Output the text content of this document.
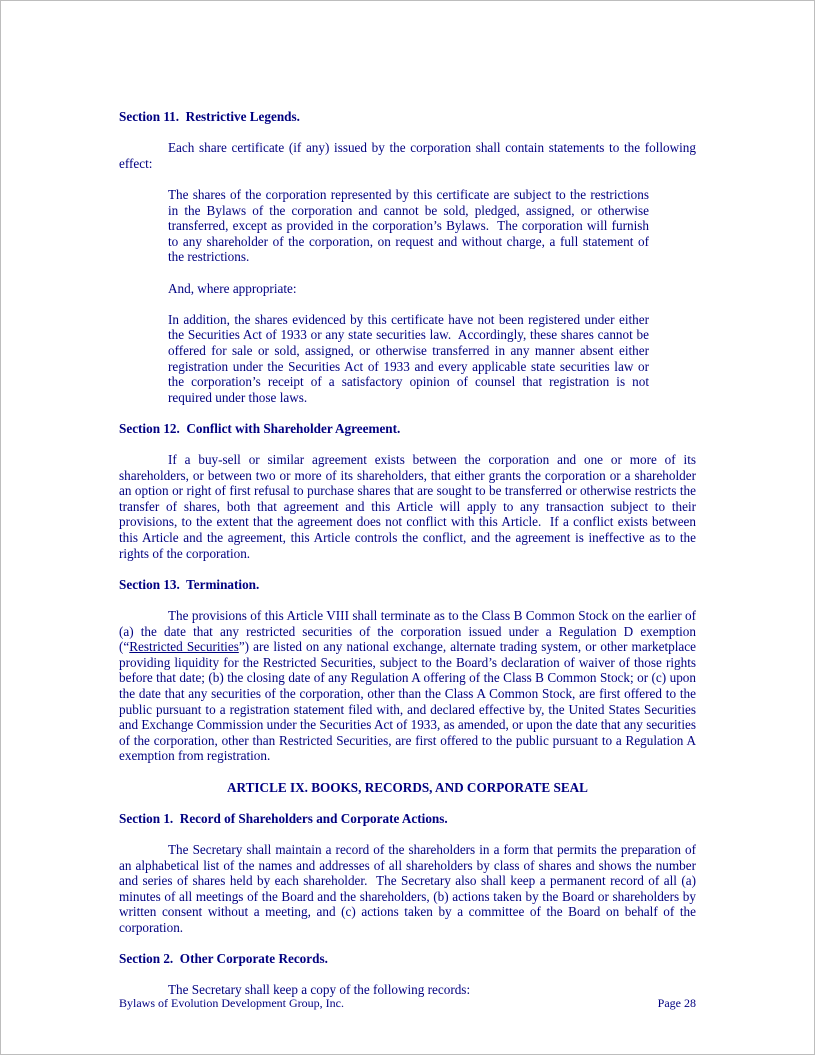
Section 11.  Restrictive Legends.

Each share certificate (if any) issued by the corporation shall contain statements to the following effect:

The shares of the corporation represented by this certificate are subject to the restrictions in the Bylaws of the corporation and cannot be sold, pledged, assigned, or otherwise transferred, except as provided in the corporation’s Bylaws.  The corporation will furnish to any shareholder of the corporation, on request and without charge, a full statement of the restrictions.

And, where appropriate:

In addition, the shares evidenced by this certificate have not been registered under either the Securities Act of 1933 or any state securities law.  Accordingly, these shares cannot be offered for sale or sold, assigned, or otherwise transferred in any manner absent either registration under the Securities Act of 1933 and every applicable state securities law or the corporation’s receipt of a satisfactory opinion of counsel that registration is not required under those laws.

Section 12.  Conflict with Shareholder Agreement.

If a buy-sell or similar agreement exists between the corporation and one or more of its shareholders, or between two or more of its shareholders, that either grants the corporation or a shareholder an option or right of first refusal to purchase shares that are sought to be transferred or otherwise restricts the transfer of shares, both that agreement and this Article will apply to any transaction subject to their provisions, to the extent that the agreement does not conflict with this Article.  If a conflict exists between this Article and the agreement, this Article controls the conflict, and the agreement is ineffective as to the rights of the corporation.

Section 13.  Termination.

The provisions of this Article VIII shall terminate as to the Class B Common Stock on the earlier of (a) the date that any restricted securities of the corporation issued under a Regulation D exemption (“Restricted Securities”) are listed on any national exchange, alternate trading system, or other marketplace providing liquidity for the Restricted Securities, subject to the Board’s declaration of waiver of those rights before that date; (b) the closing date of any Regulation A offering of the Class B Common Stock; or (c) upon the date that any securities of the corporation, other than the Class A Common Stock, are first offered to the public pursuant to a registration statement filed with, and declared effective by, the United States Securities and Exchange Commission under the Securities Act of 1933, as amended, or upon the date that any securities of the corporation, other than Restricted Securities, are first offered to the public pursuant to a Regulation A exemption from registration.

ARTICLE IX. BOOKS, RECORDS, AND CORPORATE SEAL
Section 1.  Record of Shareholders and Corporate Actions.

The Secretary shall maintain a record of the shareholders in a form that permits the preparation of an alphabetical list of the names and addresses of all shareholders by class of shares and shows the number and series of shares held by each shareholder.  The Secretary also shall keep a permanent record of all (a) minutes of all meetings of the Board and the shareholders, (b) actions taken by the Board or shareholders by written consent without a meeting, and (c) actions taken by a committee of the Board on behalf of the corporation.

Section 2.  Other Corporate Records.

The Secretary shall keep a copy of the following records:

Bylaws of Evolution Development Group, Inc.	Page 28
